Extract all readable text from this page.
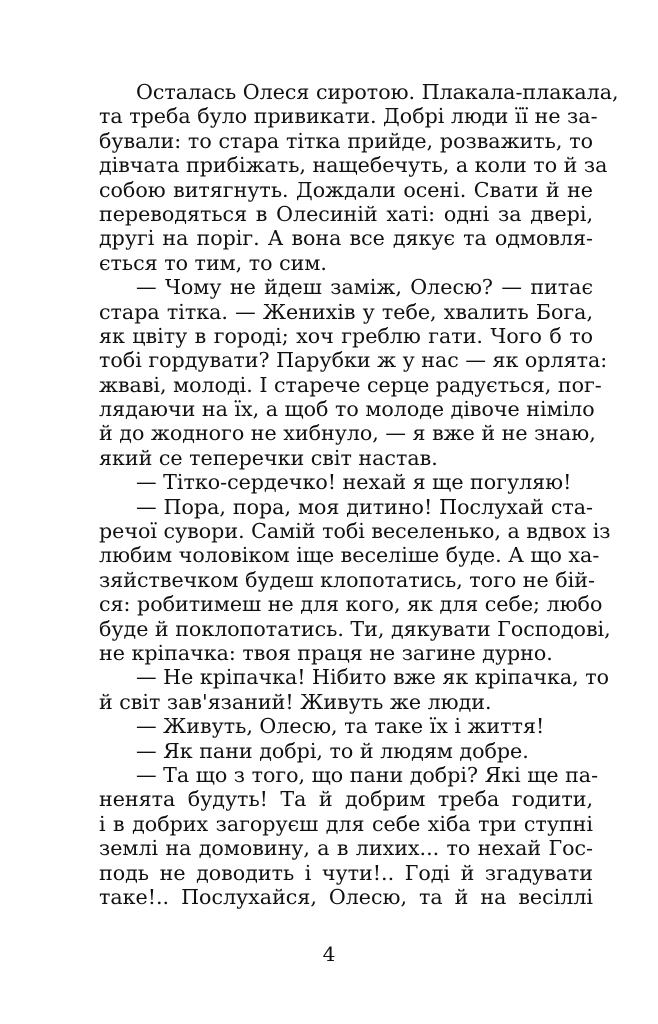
Осталась Олеся сиротою. Плакала-плакала,
та треба було привикати. Добрі люди її не за-
бували: то стара тітка прийде, розважить, то
дівчата прибіжать, нащебечуть, а коли то й за
собою витягнуть. Дождали осені. Свати й не
переводяться в Олесиній хаті: одні за двері,
другі на поріг. А вона все дякує та одмовля-
ється то тим, то сим.
— Чому не йдеш заміж, Олесю? — питає
стара тітка. — Женихів у тебе, хвалить Бога,
як цвіту в городі; хоч греблю гати. Чого б то
тобі гордувати? Парубки ж у нас — як орлята:
жваві, молоді. І старече серце радується, пог-
лядаючи на їх, а щоб то молоде дівоче німіло
й до жодного не хибнуло, — я вже й не знаю,
який се теперечки світ настав.
— Тітко-сердечко! нехай я ще погуляю!
— Пора, пора, моя дитино! Послухай ста-
речої сувори. Самій тобі веселенько, а вдвох із
любим чоловіком іще веселіше буде. А що ха-
зяйствечком будеш клопотатись, того не бій-
ся: робитимеш не для кого, як для себе; любо
буде й поклопотатись. Ти, дякувати Господові,
не кріпачка: твоя праця не загине дурно.
— Не кріпачка! Нібито вже як кріпачка, то
й світ зав'язаний! Живуть же люди.
— Живуть, Олесю, та таке їх і життя!
— Як пани добрі, то й людям добре.
— Та що з того, що пани добрі? Які ще па-
ненята будуть! Та й добрим треба годити,
і в добрих загоруєш для себе хіба три ступні
землі на домовину, а в лихих... то нехай Гос-
подь не доводить і чути!.. Годі й згадувати
таке!.. Послухайся, Олесю, та й на весіллі
4
